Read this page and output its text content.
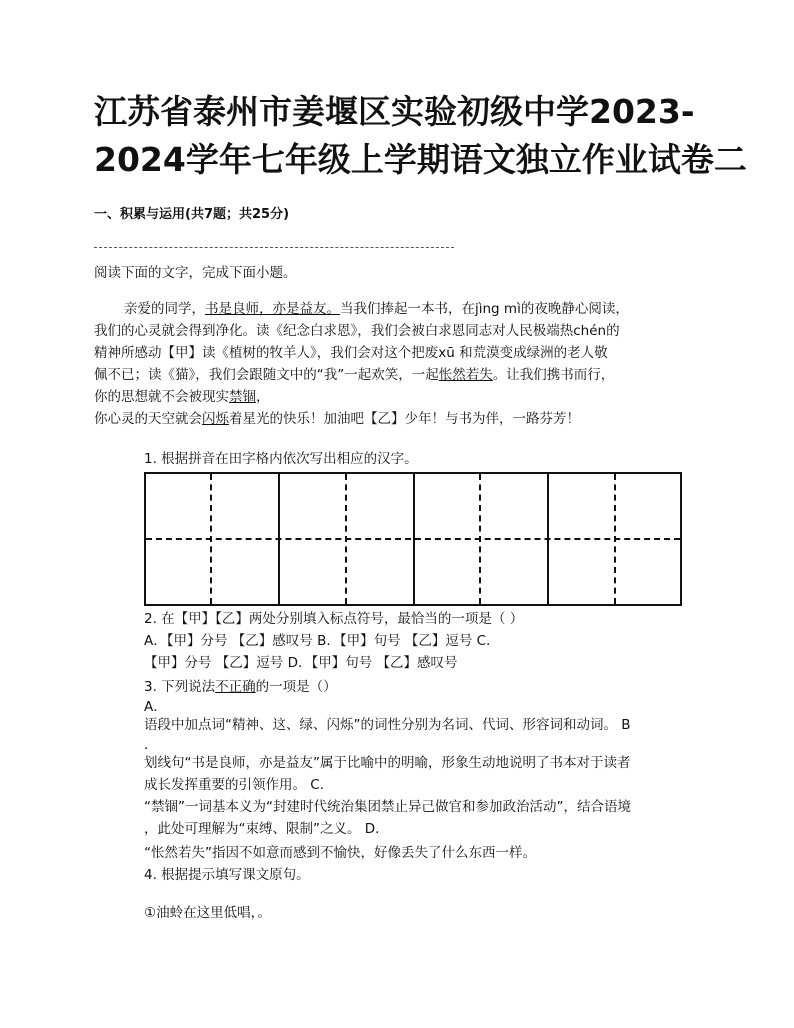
江苏省泰州市姜堰区实验初级中学2023-
2024学年七年级上学期语文独立作业试卷二
一、积累与运用(共7题；共25分)
阅读下面的文字，完成下面小题。
亲爱的同学，书是良师，亦是益友。当我们捧起一本书，在jìng mì的夜晚静心阅读，
我们的心灵就会得到净化。读《纪念白求恩》，我们会被白求恩同志对人民极端热chén的
精神所感动【甲】读《植树的牧羊人》，我们会对这个把废xū 和荒漠变成绿洲的老人敬
佩不已；读《猫》，我们会跟随文中的“我”一起欢笑，一起怅然若失。让我们携书而行，
你的思想就不会被现实禁锢，
你心灵的天空就会闪烁着星光的快乐！加油吧【乙】少年！与书为伴，一路芬芳！
1. 根据拼音在田字格内依次写出相应的汉字。
2. 在【甲】【乙】两处分别填入标点符号，最恰当的一项是（ ）
A．【甲】分号 【乙】感叹号 B．【甲】句号 【乙】逗号 C．
【甲】分号 【乙】逗号 D．【甲】句号 【乙】感叹号
3. 下列说法不正确的一项是（）
A．
语段中加点词“精神、这、绿、闪烁”的词性分别为名词、代词、形容词和动词。 B
．
划线句“书是良师，亦是益友”属于比喻中的明喻，形象生动地说明了书本对于读者
成长发挥重要的引领作用。 C．
“禁锢”一词基本义为“封建时代统治集团禁止异己做官和参加政治活动”，结合语境
，此处可理解为“束缚、限制”之义。 D．
“怅然若失”指因不如意而感到不愉快，好像丢失了什么东西一样。
4. 根据提示填写课文原句。
①油蛉在这里低唱，。
